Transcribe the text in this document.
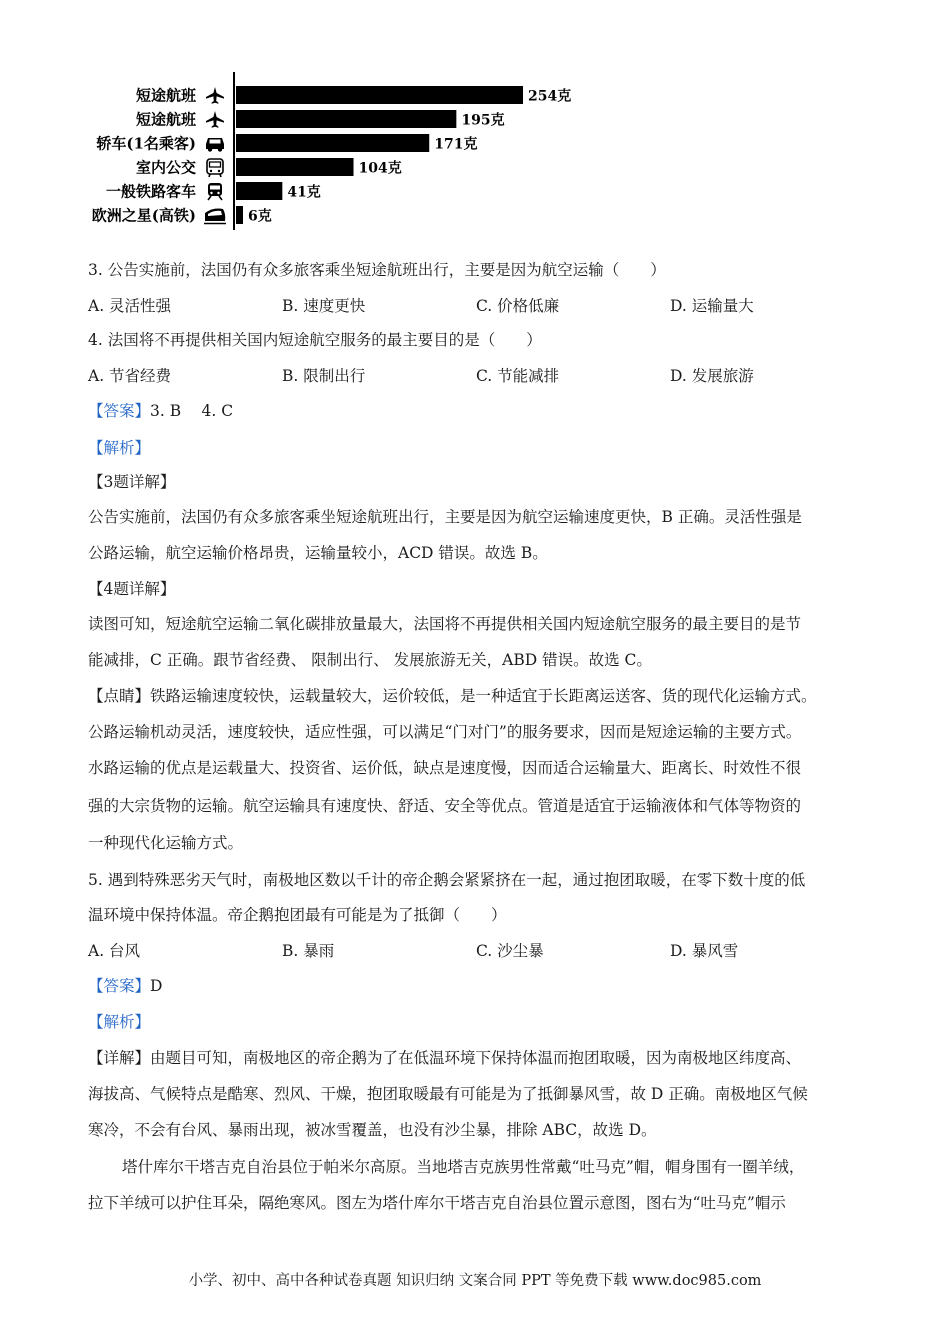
短途航班	254克
短途航班	195克
轿车(1名乘客)	171克
室内公交	104克
一般铁路客车	41克
欧洲之星(高铁)	6克
3. 公告实施前，法国仍有众多旅客乘坐短途航班出行，主要是因为航空运输（　　）
A. 灵活性强	B. 速度更快	C. 价格低廉	D. 运输量大
4. 法国将不再提供相关国内短途航空服务的最主要目的是（　　）
A. 节省经费	B. 限制出行	C. 节能减排	D. 发展旅游
【答案】3. B　 4. C
【解析】
【3题详解】
公告实施前，法国仍有众多旅客乘坐短途航班出行，主要是因为航空运输速度更快，B 正确。灵活性强是
公路运输，航空运输价格昂贵，运输量较小，ACD 错误。故选 B。
【4题详解】
读图可知，短途航空运输二氧化碳排放量最大，法国将不再提供相关国内短途航空服务的最主要目的是节
能减排，C 正确。跟节省经费、 限制出行、 发展旅游无关，ABD 错误。故选 C。
【点睛】铁路运输速度较快，运载量较大，运价较低，是一种适宜于长距离运送客、货的现代化运输方式。
公路运输机动灵活，速度较快，适应性强，可以满足“门对门”的服务要求，因而是短途运输的主要方式。
水路运输的优点是运载量大、投资省、运价低，缺点是速度慢，因而适合运输量大、距离长、时效性不很
强的大宗货物的运输。航空运输具有速度快、舒适、安全等优点。管道是适宜于运输液体和气体等物资的
一种现代化运输方式。
5. 遇到特殊恶劣天气时，南极地区数以千计的帝企鹅会紧紧挤在一起，通过抱团取暖，在零下数十度的低
温环境中保持体温。帝企鹅抱团最有可能是为了抵御（　　）
A. 台风	B. 暴雨	C. 沙尘暴	D. 暴风雪
【答案】D
【解析】
【详解】由题目可知，南极地区的帝企鹅为了在低温环境下保持体温而抱团取暖，因为南极地区纬度高、
海拔高、气候特点是酷寒、烈风、干燥，抱团取暖最有可能是为了抵御暴风雪，故 D 正确。南极地区气候
寒冷，不会有台风、暴雨出现，被冰雪覆盖，也没有沙尘暴，排除 ABC，故选 D。
塔什库尔干塔吉克自治县位于帕米尔高原。当地塔吉克族男性常戴“吐马克”帽，帽身围有一圈羊绒，
拉下羊绒可以护住耳朵，隔绝寒风。图左为塔什库尔干塔吉克自治县位置示意图，图右为“吐马克”帽示
小学、初中、高中各种试卷真题 知识归纳 文案合同 PPT 等免费下载 www.doc985.com
